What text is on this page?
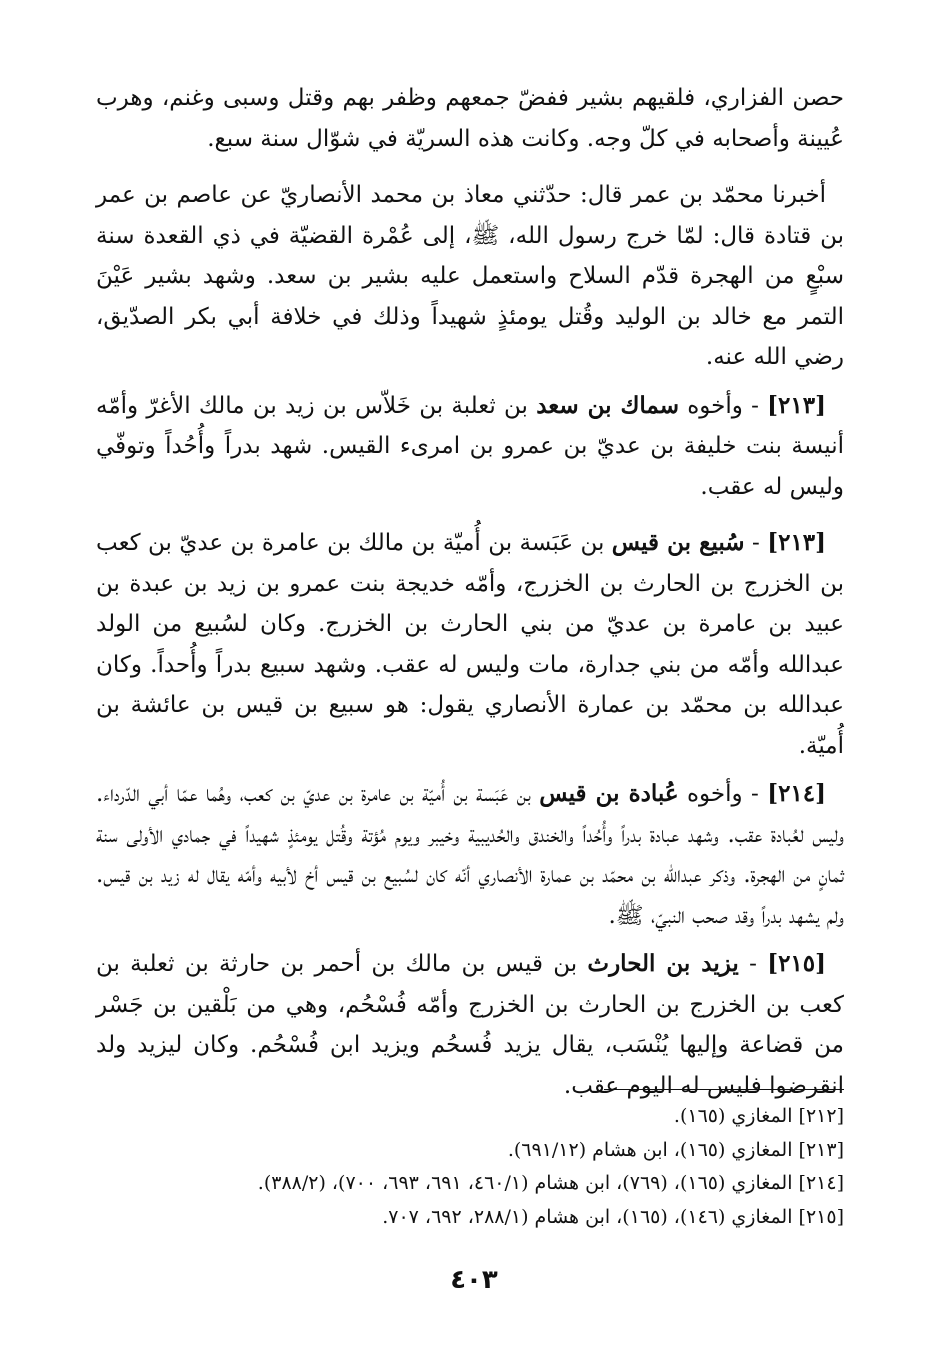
حصن الفزاري، فلقيهم بشير ففضّ جمعهم وظفر بهم وقتل وسبى وغنم، وهرب عُيينة وأصحابه في كلّ وجه. وكانت هذه السريّة في شوّال سنة سبع.

أخبرنا محمّد بن عمر قال: حدّثني معاذ بن محمد الأنصاريّ عن عاصم بن عمر بن قتادة قال: لمّا خرج رسول الله، ﷺ، إلى عُمْرة القضيّة في ذي القعدة سنة سبْعٍ من الهجرة قدّم السلاح واستعمل عليه بشير بن سعد. وشهد بشير عَيْنَ التمر مع خالد بن الوليد وقُتل يومئذٍ شهيداً وذلك في خلافة أبي بكر الصدّيق، رضي الله عنه.

[٢١٣] - وأخوه سماك بن سعد بن ثعلبة بن خَلاّس بن زيد بن مالك الأغرّ وأمّه أنيسة بنت خليفة بن عديّ بن عمرو بن امرىء القيس. شهد بدراً وأُحُداً وتوفّي وليس له عقب.

[٢١٣] - سُبيع بن قيس بن عَبَسة بن أُميّة بن مالك بن عامرة بن عديّ بن كعب بن الخزرج بن الحارث بن الخزرج، وأمّه خديجة بنت عمرو بن زيد بن عبدة بن عبيد بن عامرة بن عديّ من بني الحارث بن الخزرج. وكان لسُبيع من الولد عبدالله وأمّه من بني جدارة، مات وليس له عقب. وشهد سبيع بدراً وأُحداً. وكان عبدالله بن محمّد بن عمارة الأنصاري يقول: هو سبيع بن قيس بن عائشة بن أُميّة.

[٢١٤] - وأخوه عُبادة بن قيس بن عَبَسة بن أُميّة بن عامرة بن عديّ بن كعب، وهُما عمّا أبي الدّرداء. وليس لعُبادة عقب. وشهد عبادة بدراً وأُحُداً والخندق والحُديبية وخيبر ويوم مُؤتة وقُتل يومئذٍ شهيداً في جمادي الأولى سنة ثمانٍ من الهجرة. وذكر عبدالله بن محمّد بن عمارة الأنصاري أنّه كان لسُبيع بن قيس أخ لأبيه وأمّه يقال له زيد بن قيس. ولم يشهد بدراً وقد صحب النبيّ، ﷺ.

[٢١٥] - يزيد بن الحارث بن قيس بن مالك بن أحمر بن حارثة بن ثعلبة بن كعب بن الخزرج بن الحارث بن الخزرج وأمّه فُسْحُم، وهي من بَلْقين بن جَسْر من قضاعة وإليها يُنْسَب، يقال يزيد فُسحُم ويزيد ابن فُسْحُم. وكان ليزيد ولد انقرضوا فليس له اليوم عقب.

[٢١٢] المغازي (١٦٥).

[٢١٣] المغازي (١٦٥)، ابن هشام (٦٩١/١٢).

[٢١٤] المغازي (١٦٥)، (٧٦٩)، ابن هشام (٤٦٠/١، ٦٩١، ٦٩٣، ٧٠٠)، (٣٨٨/٢).

[٢١٥] المغازي (١٤٦)، (١٦٥)، ابن هشام (٢٨٨/١، ٦٩٢، ٧٠٧.

٤٠٣
